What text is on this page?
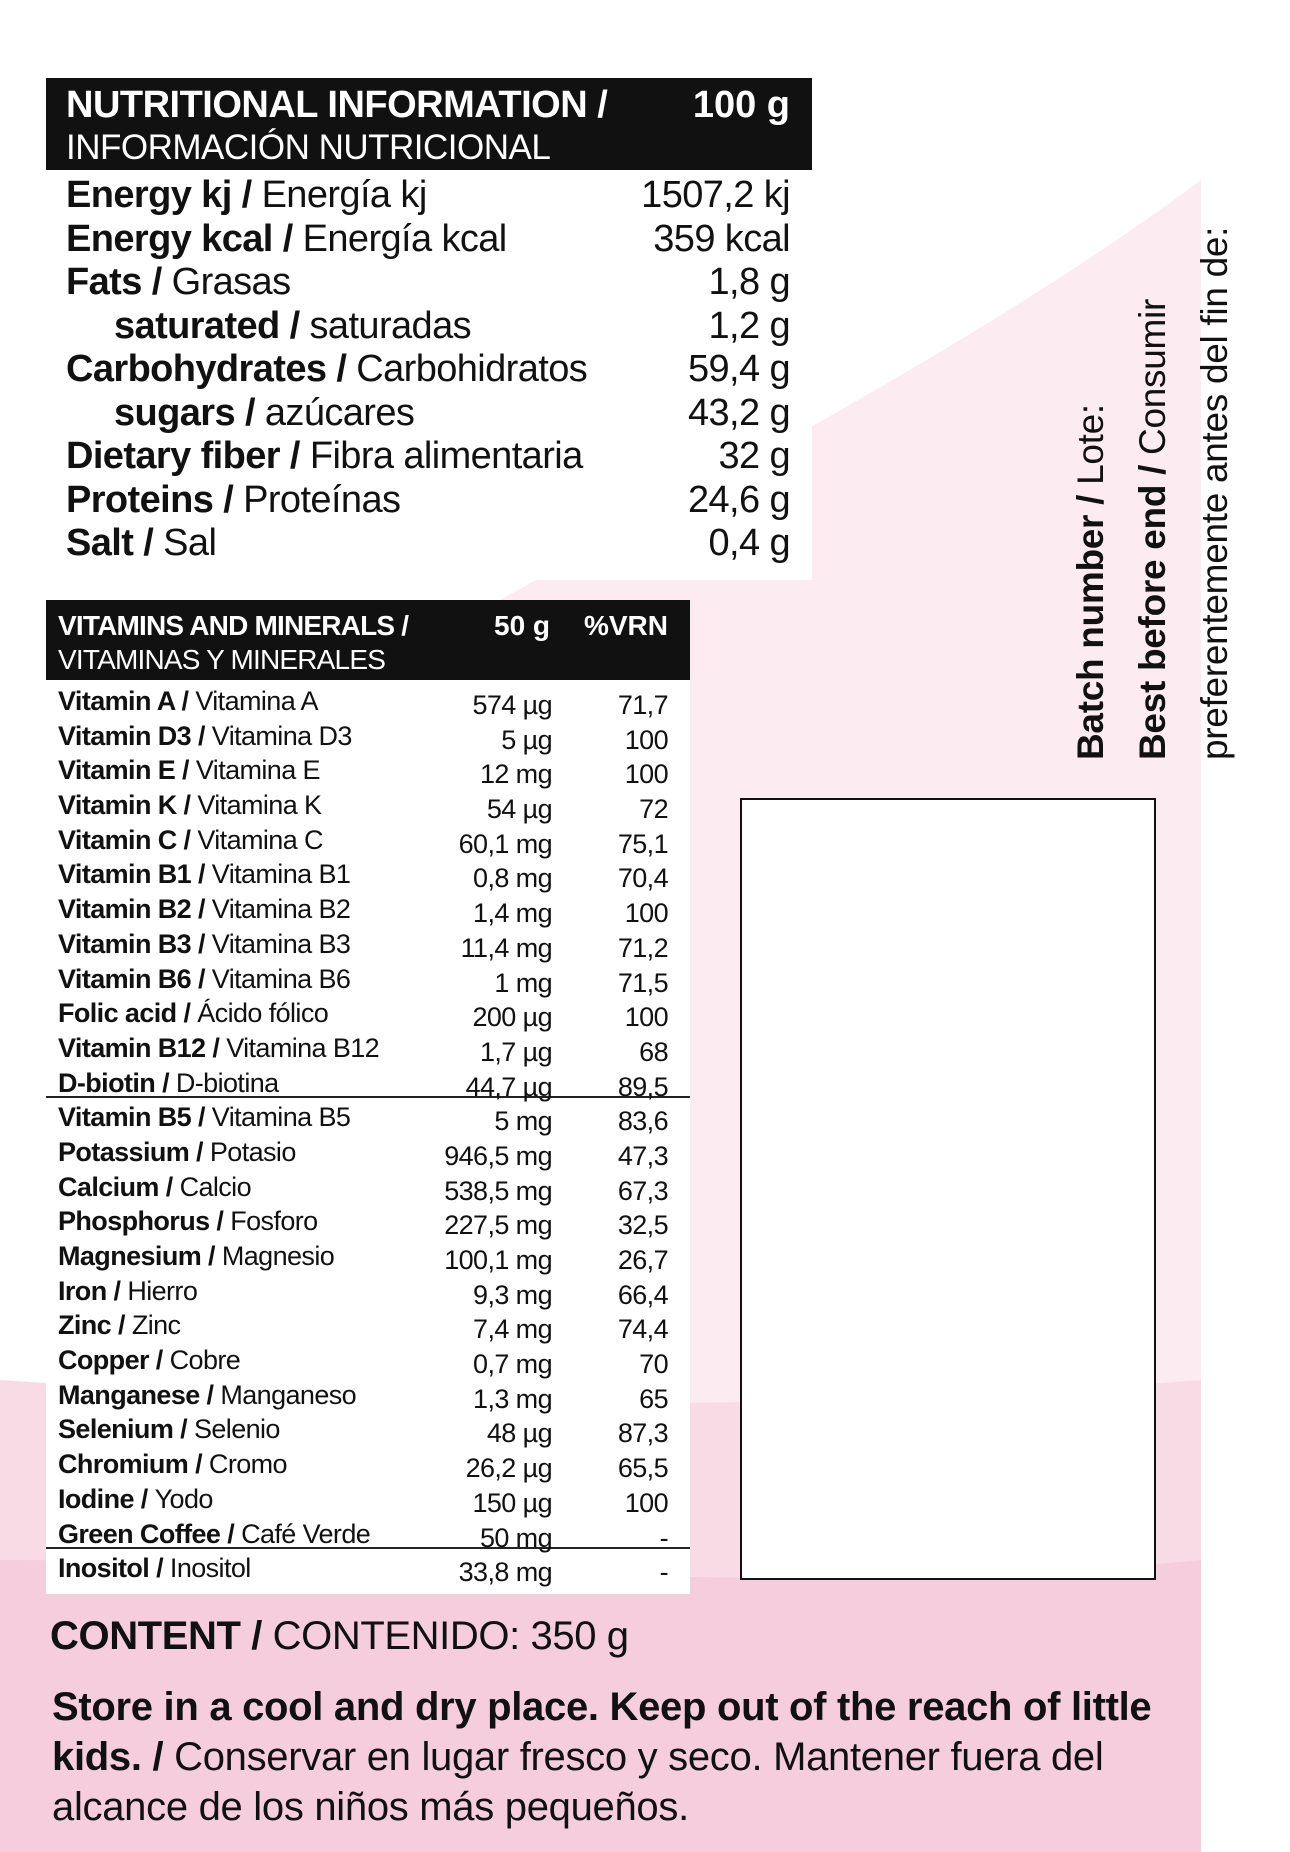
NUTRITIONAL INFORMATION /
INFORMACIÓN NUTRICIONAL
100 g
Energy kj / Energía kj	1507,2 kj
Energy kcal / Energía kcal	359 kcal
Fats / Grasas	1,8 g
saturated / saturadas	1,2 g
Carbohydrates / Carbohidratos	59,4 g
sugars / azúcares	43,2 g
Dietary fiber / Fibra alimentaria	32 g
Proteins / Proteínas	24,6 g
Salt / Sal	0,4 g
VITAMINS AND MINERALS /
VITAMINAS Y MINERALES
50 g %VRN
Vitamin A / Vitamina A	574 µg 71,7
Vitamin D3 / Vitamina D3	5 µg	100
Vitamin E / Vitamina E	12 mg	100
Vitamin K / Vitamina K	54 µg	72
Vitamin C / Vitamina C	60,1 mg 75,1
Vitamin B1 / Vitamina B1	0,8 mg 70,4
Vitamin B2 / Vitamina B2	1,4 mg	100
Vitamin B3 / Vitamina B3	11,4 mg 71,2
Vitamin B6 / Vitamina B6	1 mg 71,5
Folic acid / Ácido fólico	200 µg	100
Vitamin B12 / Vitamina B12	1,7 µg	68
D-biotin / D-biotina	44,7 µg 89,5
Vitamin B5 / Vitamina B5	5 mg 83,6
Potassium / Potasio	946,5 mg 47,3
Calcium / Calcio	538,5 mg 67,3
Phosphorus / Fosforo	227,5 mg 32,5
Magnesium / Magnesio	100,1 mg 26,7
Iron / Hierro	9,3 mg 66,4
Zinc / Zinc	7,4 mg 74,4
Copper / Cobre	0,7 mg	70
Manganese / Manganeso	1,3 mg	65
Selenium / Selenio	48 µg 87,3
Chromium / Cromo	26,2 µg 65,5
Iodine / Yodo	150 µg	100
Green Coffee / Café Verde	50 mg	-
Inositol / Inositol	33,8 mg	-
Batch number / Lote:
Best before end / Consumir preferentemente antes del fin de:
CONTENT / CONTENIDO: 350 g
Store in a cool and dry place. Keep out of the reach of little kids. / Conservar en lugar fresco y seco. Mantener fuera del alcance de los niños más pequeños.
